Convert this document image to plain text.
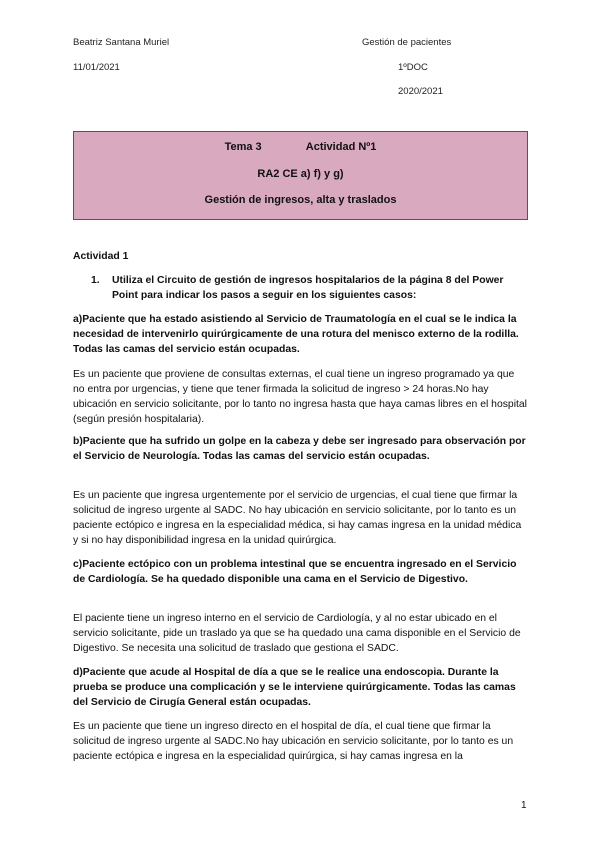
Beatriz Santana Muriel	Gestión de pacientes
11/01/2021	1ºDOC
2020/2021
Tema 3	Actividad Nº1
RA2 CE a) f) y g)
Gestión de ingresos, alta y traslados
Actividad 1
1. Utiliza el Circuito de gestión de ingresos hospitalarios de la página 8 del Power Point para indicar los pasos a seguir en los siguientes casos:
a)Paciente que ha estado asistiendo al Servicio de Traumatología en el cual se le indica la necesidad de intervenirlo quirúrgicamente de una rotura del menisco externo de la rodilla. Todas las camas del servicio están ocupadas.
Es un paciente que proviene de consultas externas, el cual tiene un ingreso programado ya que no entra por urgencias, y tiene que tener firmada la solicitud de ingreso > 24 horas.No hay ubicación en servicio solicitante, por lo tanto no ingresa hasta que haya camas libres en el hospital (según presión hospitalaria).
b)Paciente que ha sufrido un golpe en la cabeza y debe ser ingresado para observación por el Servicio de Neurología. Todas las camas del servicio están ocupadas.
Es un paciente que ingresa urgentemente por el servicio de urgencias, el cual tiene que firmar la solicitud de ingreso urgente al SADC. No hay ubicación en servicio solicitante, por lo tanto es un paciente ectópico e ingresa en la especialidad médica, si hay camas ingresa en la unidad médica y si no hay disponibilidad ingresa en la unidad quirúrgica.
c)Paciente ectópico con un problema intestinal que se encuentra ingresado en el Servicio de Cardiología. Se ha quedado disponible una cama en el Servicio de Digestivo.
El paciente tiene un ingreso interno en el servicio de Cardiología, y al no estar ubicado en el servicio solicitante, pide un traslado ya que se ha quedado una cama disponible en el Servicio de Digestivo. Se necesita una solicitud de traslado que gestiona el SADC.
d)Paciente que acude al Hospital de día a que se le realice una endoscopia. Durante la prueba se produce una complicación y se le interviene quirúrgicamente. Todas las camas del Servicio de Cirugía General están ocupadas.
Es un paciente que tiene un ingreso directo en el hospital de día, el cual tiene que firmar la solicitud de ingreso urgente al SADC.No hay ubicación en servicio solicitante, por lo tanto es un paciente ectópica e ingresa en la especialidad quirúrgica, si hay camas ingresa en la
1
